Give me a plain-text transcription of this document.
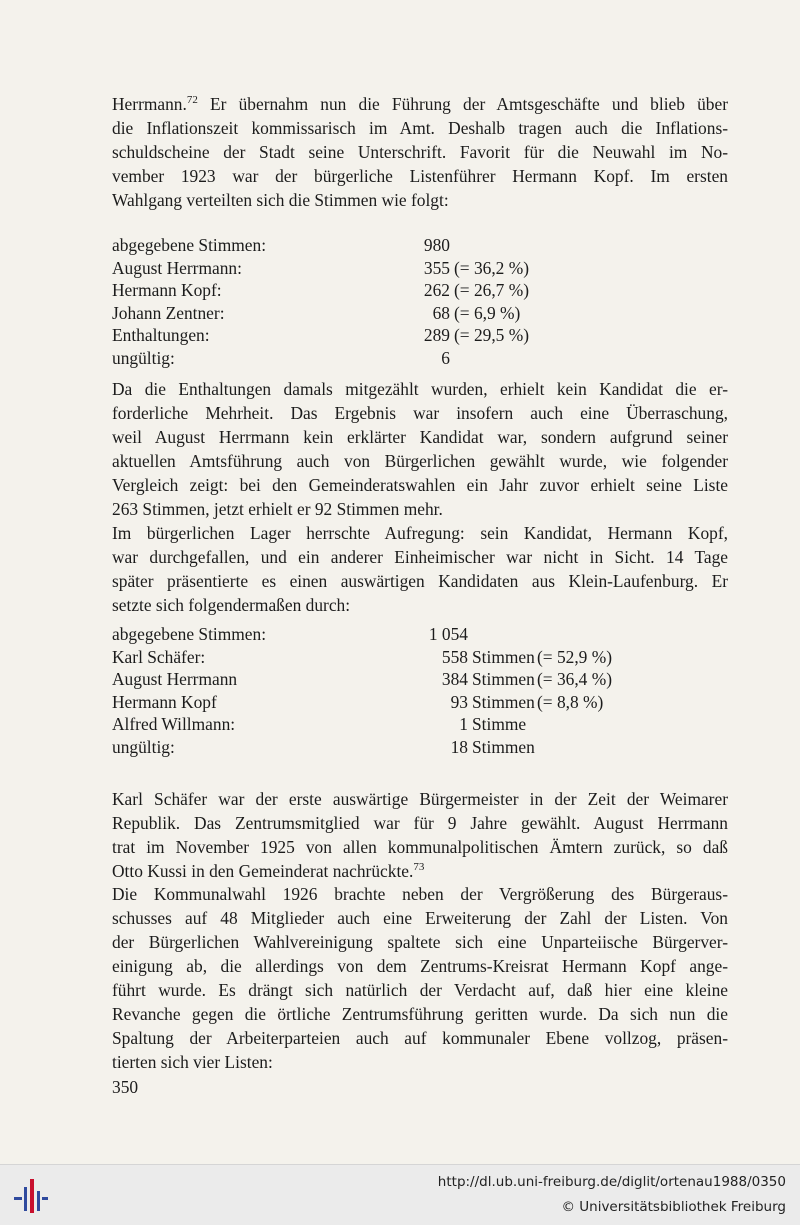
Herrmann.$^{72}$ Er übernahm nun die Führung der Amtsgeschäfte und blieb über
die Inflationszeit kommissarisch im Amt. Deshalb tragen auch die Inflations-
schuldscheine der Stadt seine Unterschrift. Favorit für die Neuwahl im No-
vember 1923 war der bürgerliche Listenführer Hermann Kopf. Im ersten
Wahlgang verteilten sich die Stimmen wie folgt:

abgegebene Stimmen:	980
August Herrmann:	355 (= 36,2 %)
Hermann Kopf:	262 (= 26,7 %)
Johann Zentner:	68 (= 6,9 %)
Enthaltungen:	289 (= 29,5 %)
ungültig:	6

Da die Enthaltungen damals mitgezählt wurden, erhielt kein Kandidat die er-
forderliche Mehrheit. Das Ergebnis war insofern auch eine Überraschung,
weil August Herrmann kein erklärter Kandidat war, sondern aufgrund seiner
aktuellen Amtsführung auch von Bürgerlichen gewählt wurde, wie folgender
Vergleich zeigt: bei den Gemeinderatswahlen ein Jahr zuvor erhielt seine Liste
263 Stimmen, jetzt erhielt er 92 Stimmen mehr.

Im bürgerlichen Lager herrschte Aufregung: sein Kandidat, Hermann Kopf,
war durchgefallen, und ein anderer Einheimischer war nicht in Sicht. 14 Tage
später präsentierte es einen auswärtigen Kandidaten aus Klein-Laufenburg. Er
setzte sich folgendermaßen durch:

abgegebene Stimmen:	1 054
Karl Schäfer:	558 Stimmen (= 52,9 %)
August Herrmann	384 Stimmen (= 36,4 %)
Hermann Kopf	93 Stimmen (= 8,8 %)
Alfred Willmann:	1 Stimme
ungültig:	18 Stimmen

Karl Schäfer war der erste auswärtige Bürgermeister in der Zeit der Weimarer
Republik. Das Zentrumsmitglied war für 9 Jahre gewählt. August Herrmann
trat im November 1925 von allen kommunalpolitischen Ämtern zurück, so daß
Otto Kussi in den Gemeinderat nachrückte.$^{73}$

Die Kommunalwahl 1926 brachte neben der Vergrößerung des Bürgeraus-
schusses auf 48 Mitglieder auch eine Erweiterung der Zahl der Listen. Von
der Bürgerlichen Wahlvereinigung spaltete sich eine Unparteiische Bürgerver-
einigung ab, die allerdings von dem Zentrums-Kreisrat Hermann Kopf ange-
führt wurde. Es drängt sich natürlich der Verdacht auf, daß hier eine kleine
Revanche gegen die örtliche Zentrumsführung geritten wurde. Da sich nun die
Spaltung der Arbeiterparteien auch auf kommunaler Ebene vollzog, präsen-
tierten sich vier Listen:

350
http://dl.ub.uni-freiburg.de/diglit/ortenau1988/0350
© Universitätsbibliothek Freiburg
